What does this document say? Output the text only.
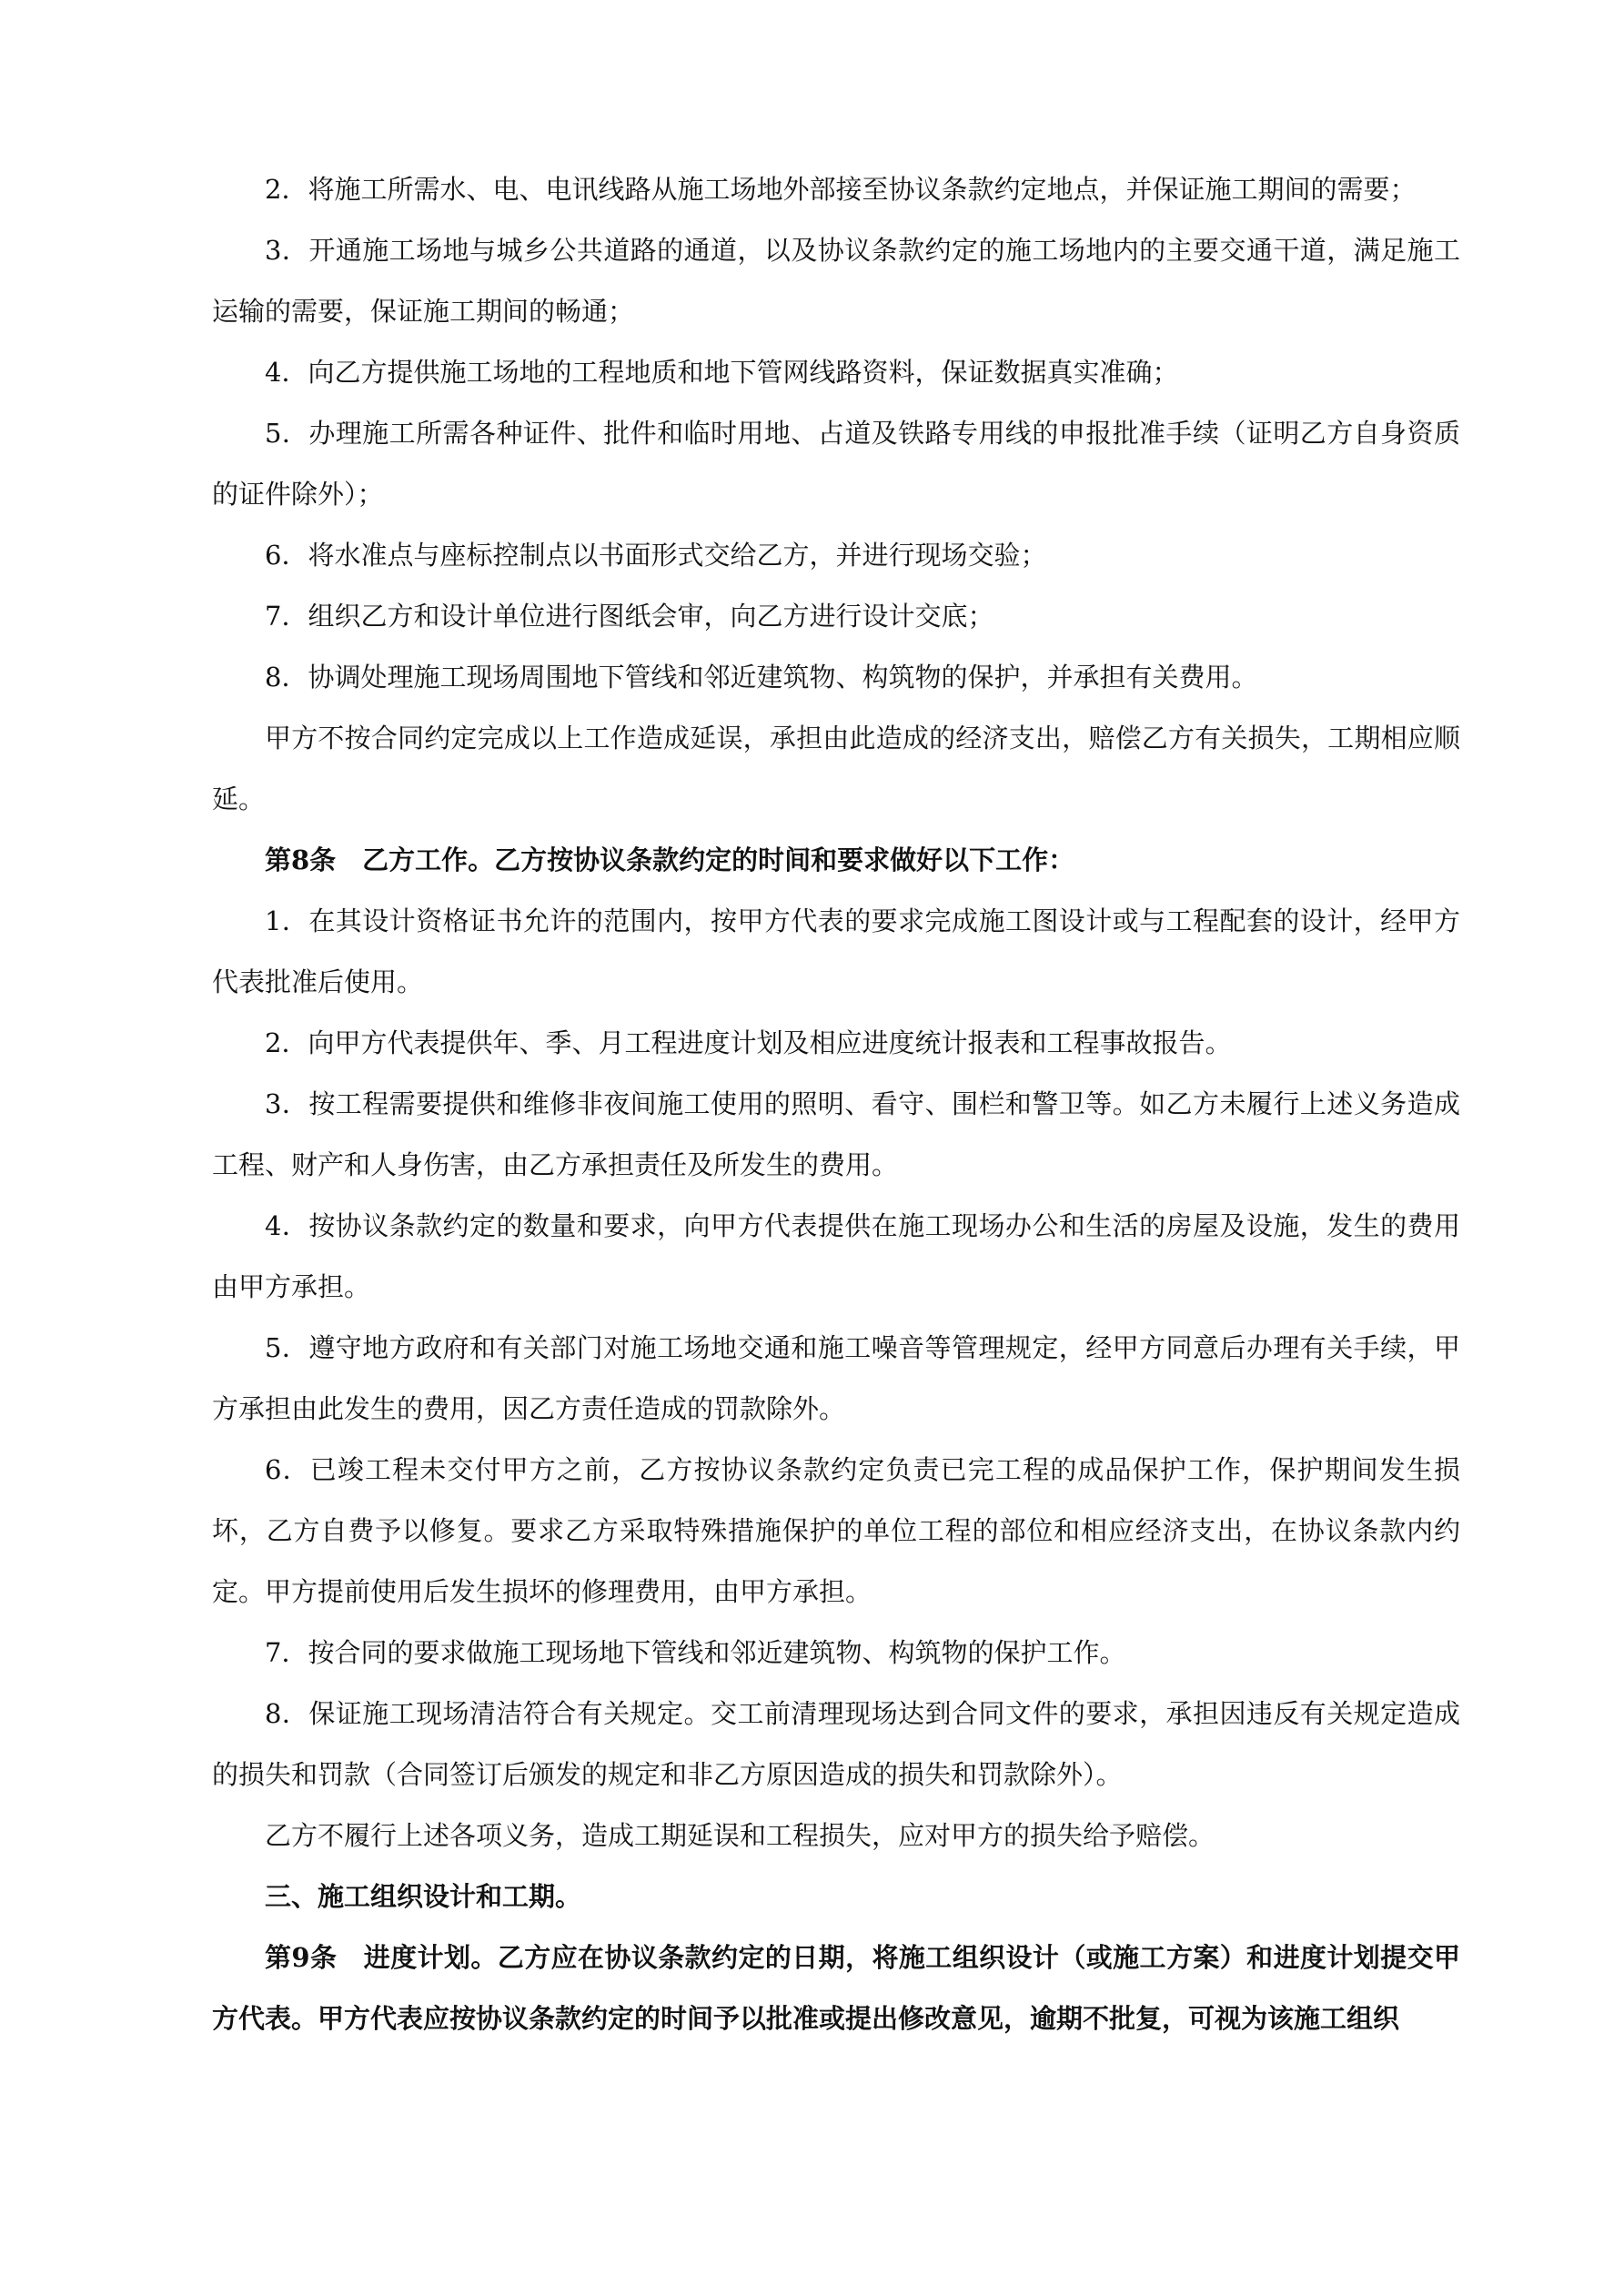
2．将施工所需水、电、电讯线路从施工场地外部接至协议条款约定地点，并保证施工期间的需要；

3．开通施工场地与城乡公共道路的通道，以及协议条款约定的施工场地内的主要交通干道，满足施工运输的需要，保证施工期间的畅通；

4．向乙方提供施工场地的工程地质和地下管网线路资料，保证数据真实准确；

5．办理施工所需各种证件、批件和临时用地、占道及铁路专用线的申报批准手续（证明乙方自身资质的证件除外）；

6．将水准点与座标控制点以书面形式交给乙方，并进行现场交验；

7．组织乙方和设计单位进行图纸会审，向乙方进行设计交底；

8．协调处理施工现场周围地下管线和邻近建筑物、构筑物的保护，并承担有关费用。

甲方不按合同约定完成以上工作造成延误，承担由此造成的经济支出，赔偿乙方有关损失，工期相应顺延。

第8条　乙方工作。乙方按协议条款约定的时间和要求做好以下工作：

1．在其设计资格证书允许的范围内，按甲方代表的要求完成施工图设计或与工程配套的设计，经甲方代表批准后使用。

2．向甲方代表提供年、季、月工程进度计划及相应进度统计报表和工程事故报告。

3．按工程需要提供和维修非夜间施工使用的照明、看守、围栏和警卫等。如乙方未履行上述义务造成工程、财产和人身伤害，由乙方承担责任及所发生的费用。

4．按协议条款约定的数量和要求，向甲方代表提供在施工现场办公和生活的房屋及设施，发生的费用由甲方承担。

5．遵守地方政府和有关部门对施工场地交通和施工噪音等管理规定，经甲方同意后办理有关手续，甲方承担由此发生的费用，因乙方责任造成的罚款除外。

6．已竣工程未交付甲方之前，乙方按协议条款约定负责已完工程的成品保护工作，保护期间发生损坏，乙方自费予以修复。要求乙方采取特殊措施保护的单位工程的部位和相应经济支出，在协议条款内约定。甲方提前使用后发生损坏的修理费用，由甲方承担。

7．按合同的要求做施工现场地下管线和邻近建筑物、构筑物的保护工作。

8．保证施工现场清洁符合有关规定。交工前清理现场达到合同文件的要求，承担因违反有关规定造成的损失和罚款（合同签订后颁发的规定和非乙方原因造成的损失和罚款除外）。

乙方不履行上述各项义务，造成工期延误和工程损失，应对甲方的损失给予赔偿。

三、施工组织设计和工期。

第9条　进度计划。乙方应在协议条款约定的日期，将施工组织设计（或施工方案）和进度计划提交甲方代表。甲方代表应按协议条款约定的时间予以批准或提出修改意见，逾期不批复，可视为该施工组织
